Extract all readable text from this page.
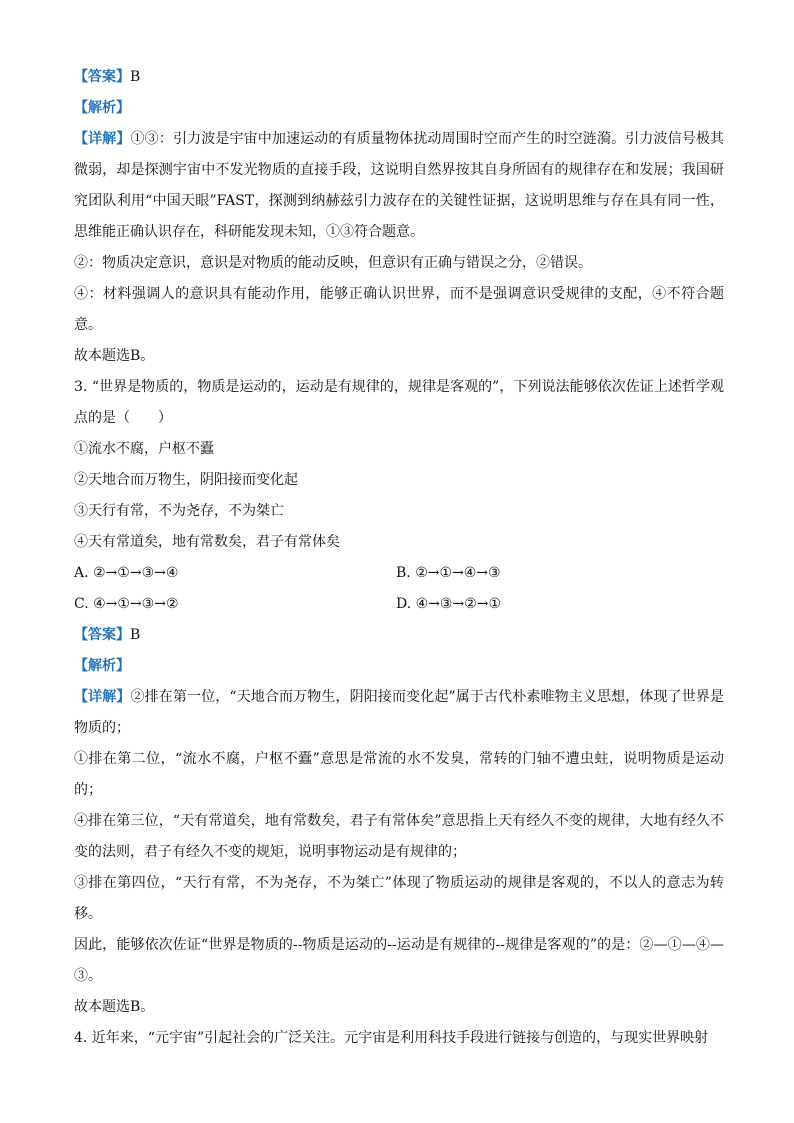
【答案】B
【解析】
【详解】①③：引力波是宇宙中加速运动的有质量物体扰动周围时空而产生的时空涟漪。引力波信号极其微弱，却是探测宇宙中不发光物质的直接手段，这说明自然界按其自身所固有的规律存在和发展；我国研究团队利用“中国天眼”FAST，探测到纳赫兹引力波存在的关键性证据，这说明思维与存在具有同一性，思维能正确认识存在，科研能发现未知，①③符合题意。
②：物质决定意识，意识是对物质的能动反映，但意识有正确与错误之分，②错误。
④：材料强调人的意识具有能动作用，能够正确认识世界，而不是强调意识受规律的支配，④不符合题意。
故本题选B。
3. “世界是物质的，物质是运动的，运动是有规律的，规律是客观的”，下列说法能够依次佐证上述哲学观点的是（　　）
①流水不腐，户枢不蠹
②天地合而万物生，阴阳接而变化起
③天行有常，不为尧存，不为桀亡
④天有常道矣，地有常数矣，君子有常体矣
A. ②→①→③→④	B. ②→①→④→③
C. ④→①→③→②	D. ④→③→②→①
【答案】B
【解析】
【详解】②排在第一位，“天地合而万物生，阴阳接而变化起”属于古代朴素唯物主义思想，体现了世界是物质的；
①排在第二位，“流水不腐，户枢不蠹”意思是常流的水不发臭，常转的门轴不遭虫蛀，说明物质是运动的；
④排在第三位，“天有常道矣，地有常数矣，君子有常体矣”意思指上天有经久不变的规律，大地有经久不变的法则，君子有经久不变的规矩，说明事物运动是有规律的；
③排在第四位，“天行有常，不为尧存，不为桀亡”体现了物质运动的规律是客观的，不以人的意志为转移。
因此，能够依次佐证“世界是物质的--物质是运动的--运动是有规律的--规律是客观的”的是：②—①—④—③。
故本题选B。
4. 近年来，“元宇宙”引起社会的广泛关注。元宇宙是利用科技手段进行链接与创造的，与现实世界映射
